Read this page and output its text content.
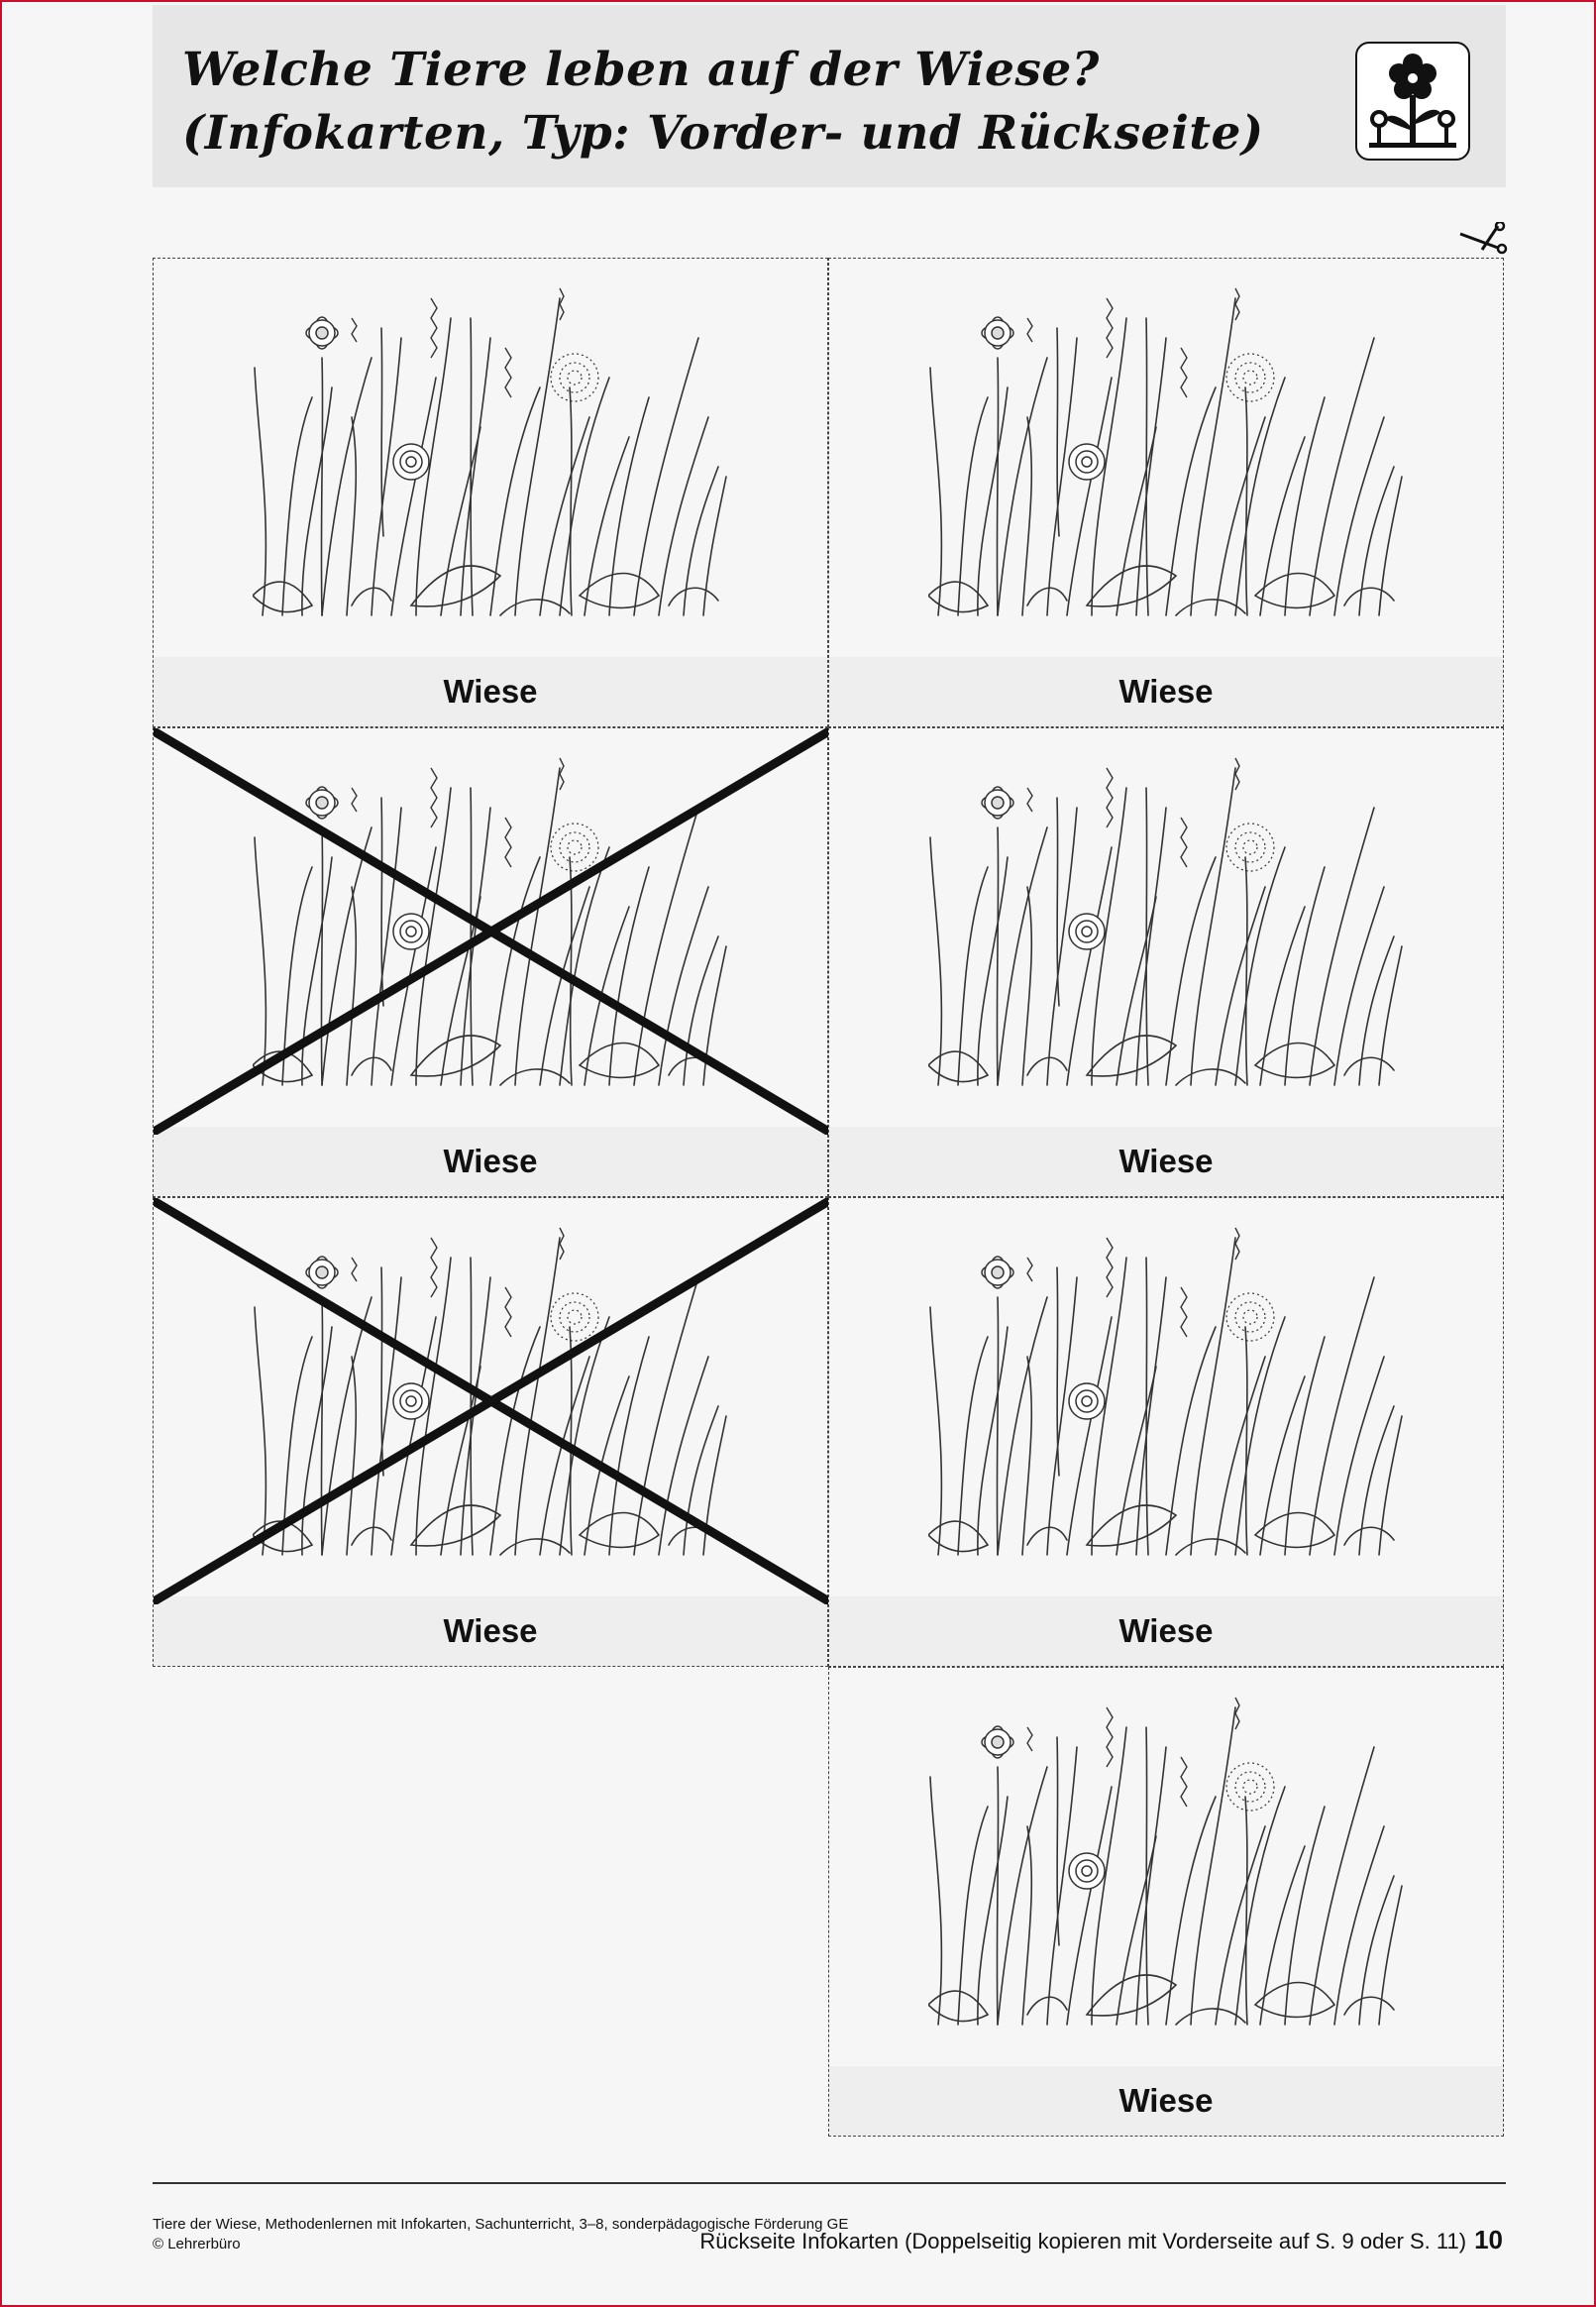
Welche Tiere leben auf der Wiese?
(Infokarten, Typ: Vorder- und Rückseite)
Wiese	Wiese
Wiese	Wiese
Wiese	Wiese
Wiese
Tiere der Wiese, Methodenlernen mit Infokarten, Sachunterricht, 3–8, sonderpädagogische Förderung GE
© Lehrerbüro	Rückseite Infokarten (Doppelseitig kopieren mit Vorderseite auf S. 9 oder S. 11) 10
